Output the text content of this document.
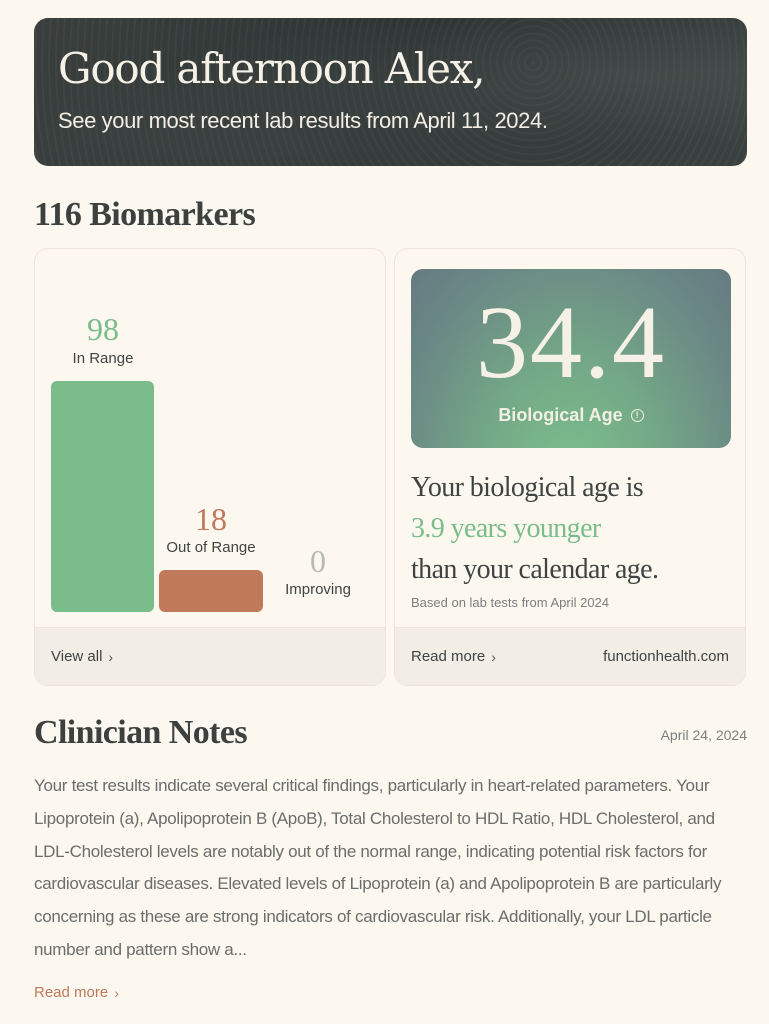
Good afternoon Alex,
See your most recent lab results from April 11, 2024.
116 Biomarkers
98
In Range
18
Out of Range	0
Improving
View all ›
34.4
Biological Age	!
Your biological age is
3.9 years younger
than your calendar age.
Based on lab tests from April 2024
Read more ›	functionhealth.com
Clinician Notes	April 24, 2024

Your test results indicate several critical findings, particularly in heart-related parameters. Your Lipoprotein (a), Apolipoprotein B (ApoB), Total Cholesterol to HDL Ratio, HDL Cholesterol, and LDL-Cholesterol levels are notably out of the normal range, indicating potential risk factors for cardiovascular diseases. Elevated levels of Lipoprotein (a) and Apolipoprotein B are particularly concerning as these are strong indicators of cardiovascular risk. Additionally, your LDL particle number and pattern show a...

Read more ›
